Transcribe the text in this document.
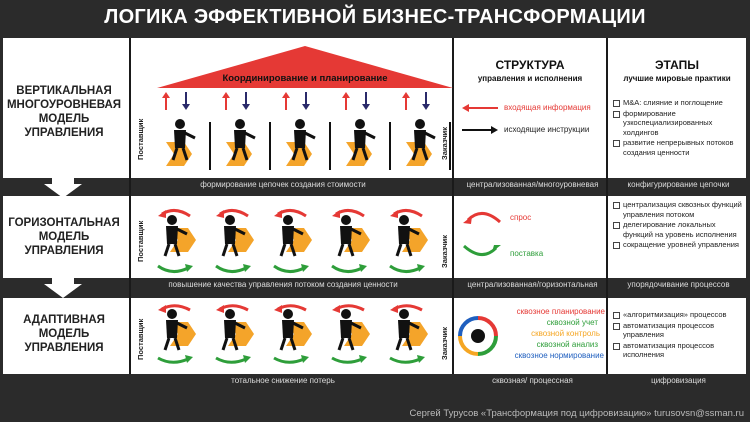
ЛОГИКА ЭФФЕКТИВНОЙ БИЗНЕС-ТРАНСФОРМАЦИИ
формирование цепочек создания стоимости	централизованная/многоуровневая	конфигурирование цепочки
повышение качества управления потоком создания ценности	централизованная/горизонтальная	упорядочивание процессов
тотальное снижение потерь	сквозная/ процессная	цифровизация
ВЕРТИКАЛЬНАЯ
МНОГОУРОВНЕВАЯ
МОДЕЛЬ
УПРАВЛЕНИЯ
ГОРИЗОНТАЛЬНАЯ
МОДЕЛЬ
УПРАВЛЕНИЯ
АДАПТИВНАЯ
МОДЕЛЬ
УПРАВЛЕНИЯ
Поставщик	Заказчик
Поставщик	Заказчик
Поставщик	Заказчик
Координирование и планирование
СТРУКТУРА
управления и исполнения
ЭТАПЫ
лучшие мировые практики
входящая информация
исходящие инструкции
спрос
поставка
сквозное планирование
сквозной учет
сквозной контроль
сквозной анализ
сквозное нормирование
M&A: слияние и поглощение
формирование узкоспециализированных холдингов
развитие непрерывных потоков создания ценности
централизация сквозных функций управления потоком
делегирование локальных функций на уровень исполнения
сокращение уровней управления
«алгоритмизация» процессов
автоматизация процессов управления
автоматизация процессов исполнения
Сергей Турусов «Трансформация под цифровизацию» turusovsn@ssman.ru
